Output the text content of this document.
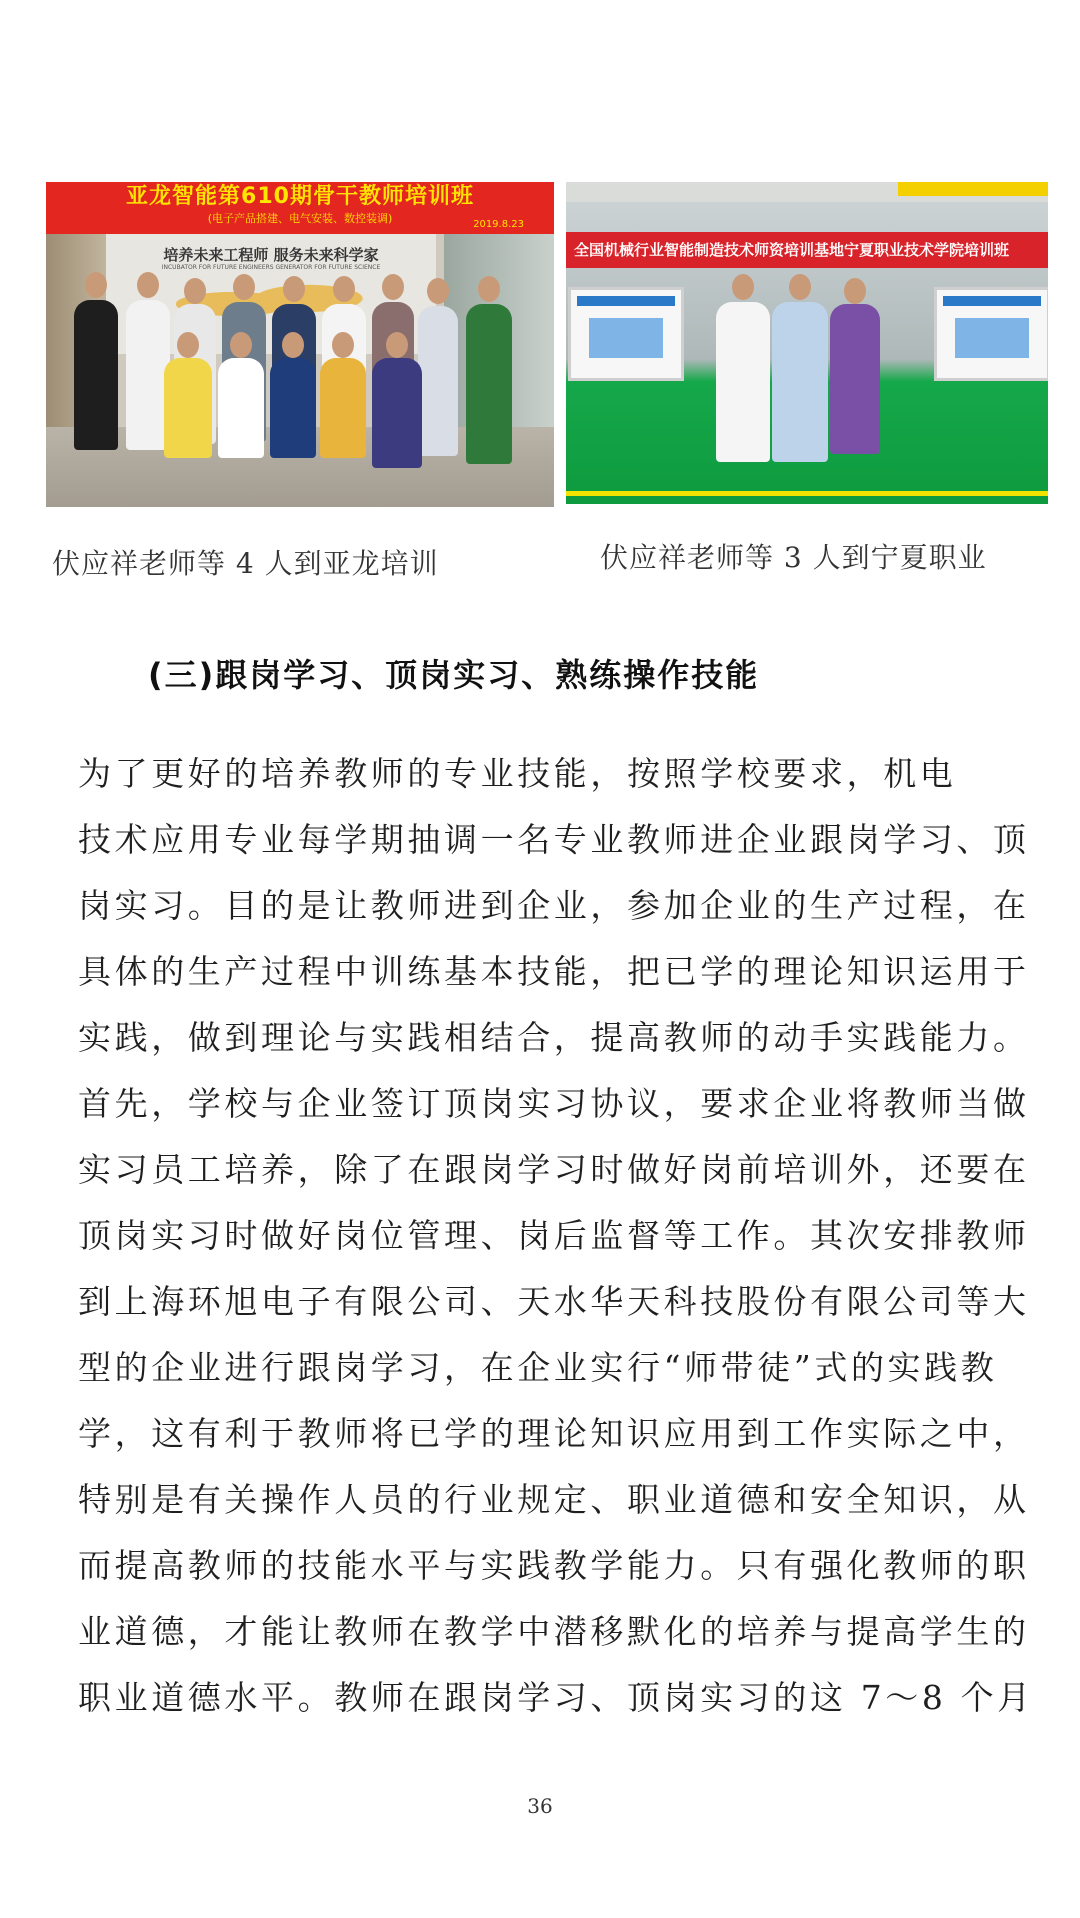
培养未来工程师 服务未来科学家
INCUBATOR FOR FUTURE ENGINEERS GENERATOR FOR FUTURE SCIENCE
亚龙智能第610期骨干教师培训班
(电子产品搭建、电气安装、数控装调)	2019.8.23
全国机械行业智能制造技术师资培训基地宁夏职业技术学院培训班
伏应祥老师等 4 人到亚龙培训	伏应祥老师等 3 人到宁夏职业
(三)跟岗学习、顶岗实习、熟练操作技能
为了更好的培养教师的专业技能，按照学校要求，机电
技术应用专业每学期抽调一名专业教师进企业跟岗学习、顶
岗实习。目的是让教师进到企业，参加企业的生产过程，在
具体的生产过程中训练基本技能，把已学的理论知识运用于
实践，做到理论与实践相结合，提高教师的动手实践能力。
首先，学校与企业签订顶岗实习协议，要求企业将教师当做
实习员工培养，除了在跟岗学习时做好岗前培训外，还要在
顶岗实习时做好岗位管理、岗后监督等工作。其次安排教师
到上海环旭电子有限公司、天水华天科技股份有限公司等大
型的企业进行跟岗学习，在企业实行“师带徒”式的实践教
学，这有利于教师将已学的理论知识应用到工作实际之中，
特别是有关操作人员的行业规定、职业道德和安全知识，从
而提高教师的技能水平与实践教学能力。只有强化教师的职
业道德，才能让教师在教学中潜移默化的培养与提高学生的
职业道德水平。教师在跟岗学习、顶岗实习的这 7～8 个月
36
